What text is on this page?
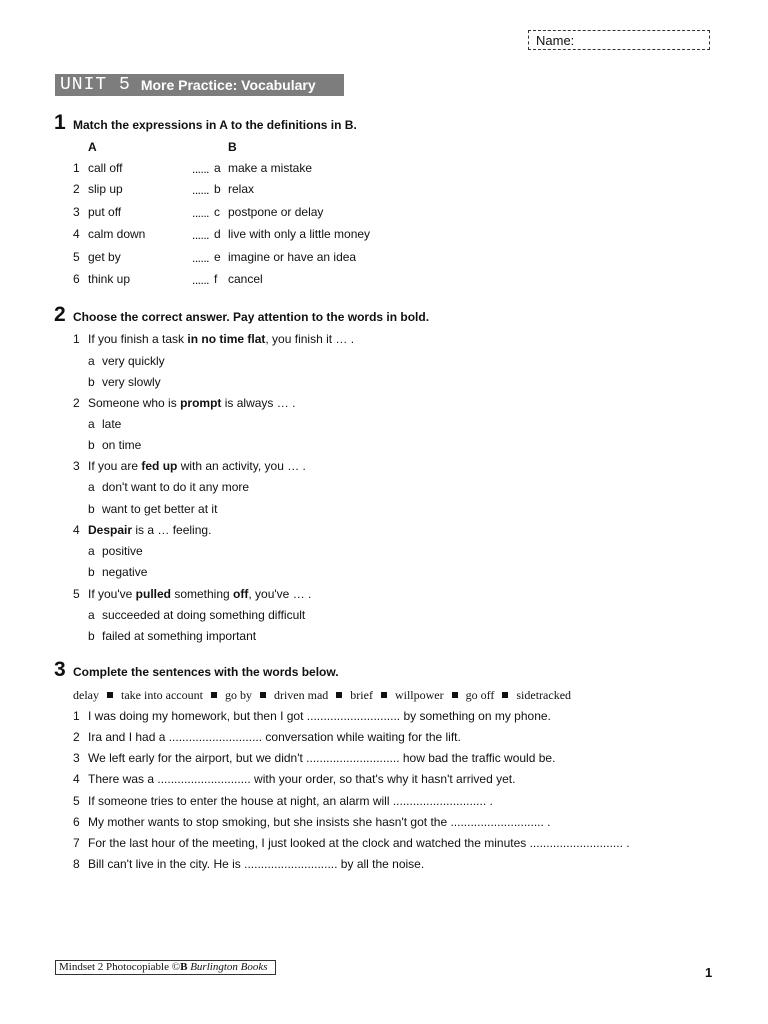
Name:
UNIT 5 More Practice: Vocabulary
1 Match the expressions in A to the definitions in B.
A	B
1 call off	...... a make a mistake
2 slip up	...... b relax
3 put off	...... c postpone or delay
4 calm down	...... d live with only a little money
5 get by	...... e imagine or have an idea
6 think up	...... f cancel
2 Choose the correct answer. Pay attention to the words in bold.
1 If you finish a task in no time flat, you finish it … .
a very quickly
b very slowly
2 Someone who is prompt is always … .
a late
b on time
3 If you are fed up with an activity, you … .
a don't want to do it any more
b want to get better at it
4 Despair is a … feeling.
a positive
b negative
5 If you've pulled something off, you've … .
a succeeded at doing something difficult
b failed at something important
3 Complete the sentences with the words below.
delay take into account go by driven mad brief willpower go off sidetracked
1 I was doing my homework, but then I got ............................ by something on my phone.
2 Ira and I had a ............................ conversation while waiting for the lift.
3 We left early for the airport, but we didn't ............................ how bad the traffic would be.
4 There was a ............................ with your order, so that's why it hasn't arrived yet.
5 If someone tries to enter the house at night, an alarm will ............................ .
6 My mother wants to stop smoking, but she insists she hasn't got the ............................ .
7 For the last hour of the meeting, I just looked at the clock and watched the minutes ............................ .
8 Bill can't live in the city. He is ............................ by all the noise.
Mindset 2 Photocopiable ©B Burlington Books	1
